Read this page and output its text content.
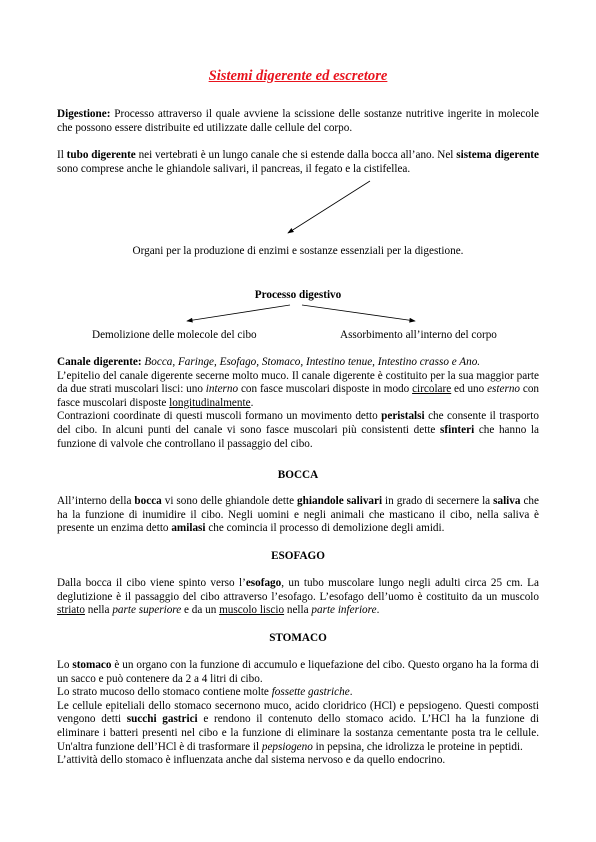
Sistemi digerente ed escretore

Digestione: Processo attraverso il quale avviene la scissione delle sostanze nutritive ingerite in molecole che possono essere distribuite ed utilizzate dalle cellule del corpo.

Il tubo digerente nei vertebrati è un lungo canale che si estende dalla bocca all’ano. Nel sistema digerente sono comprese anche le ghiandole salivari, il pancreas, il fegato e la cistifellea.

Organi per la produzione di enzimi e sostanze essenziali per la digestione.

Processo digestivo

Demolizione delle molecole del cibo	Assorbimento all’interno del corpo

Canale digerente: Bocca, Faringe, Esofago, Stomaco, Intestino tenue, Intestino crasso e Ano.
L’epitelio del canale digerente secerne molto muco. Il canale digerente è costituito per la sua maggior parte da due strati muscolari lisci: uno interno con fasce muscolari disposte in modo circolare ed uno esterno con fasce muscolari disposte longitudinalmente.
Contrazioni coordinate di questi muscoli formano un movimento detto peristalsi che consente il trasporto del cibo. In alcuni punti del canale vi sono fasce muscolari più consistenti dette sfinteri che hanno la funzione di valvole che controllano il passaggio del cibo.

BOCCA

All’interno della bocca vi sono delle ghiandole dette ghiandole salivari in grado di secernere la saliva che ha la funzione di inumidire il cibo. Negli uomini e negli animali che masticano il cibo, nella saliva è presente un enzima detto amilasi che comincia il processo di demolizione degli amidi.

ESOFAGO

Dalla bocca il cibo viene spinto verso l’esofago, un tubo muscolare lungo negli adulti circa 25 cm. La deglutizione è il passaggio del cibo attraverso l’esofago. L’esofago dell’uomo è costituito da un muscolo striato nella parte superiore e da un muscolo liscio nella parte inferiore.

STOMACO

Lo stomaco è un organo con la funzione di accumulo e liquefazione del cibo. Questo organo ha la forma di un sacco e può contenere da 2 a 4 litri di cibo.
Lo strato mucoso dello stomaco contiene molte fossette gastriche.
Le cellule epiteliali dello stomaco secernono muco, acido cloridrico (HCl) e pepsiogeno. Questi composti vengono detti succhi gastrici e rendono il contenuto dello stomaco acido. L’HCl ha la funzione di eliminare i batteri presenti nel cibo e la funzione di eliminare la sostanza cementante posta tra le cellule. Un'altra funzione dell’HCl è di trasformare il pepsiogeno in pepsina, che idrolizza le proteine in peptidi.
L’attività dello stomaco è influenzata anche dal sistema nervoso e da quello endocrino.
